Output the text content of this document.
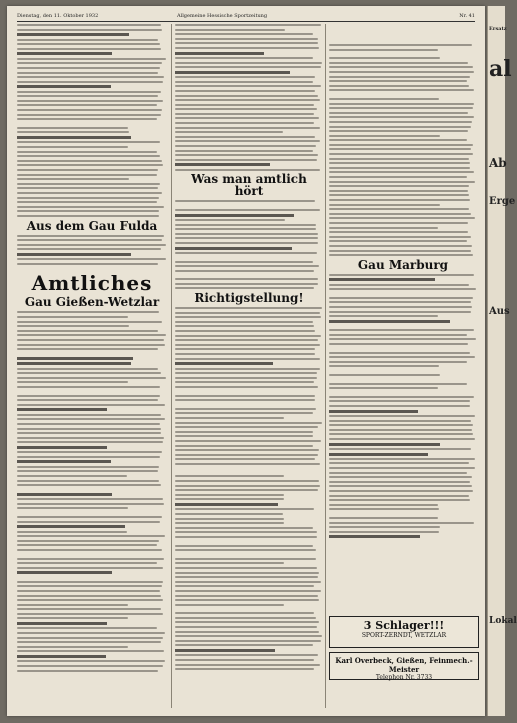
Dienstag, den 11. Oktober 1932	Allgemeine Hessische Sportzeitung	Nr. 41
Aus dem Gau Fulda
Amtliches
Gau Gießen-Wetzlar
Was man amtlich hört
Richtigstellung!
Gau Marburg
3 Schlager!!!
SPORT-ZERNDT, WETZLAR
Karl Overbeck, Gießen, Feinmech.-Meister
Telephon Nr. 3733
Ersatz
al
Ab
Erge
Aus
Lokal
